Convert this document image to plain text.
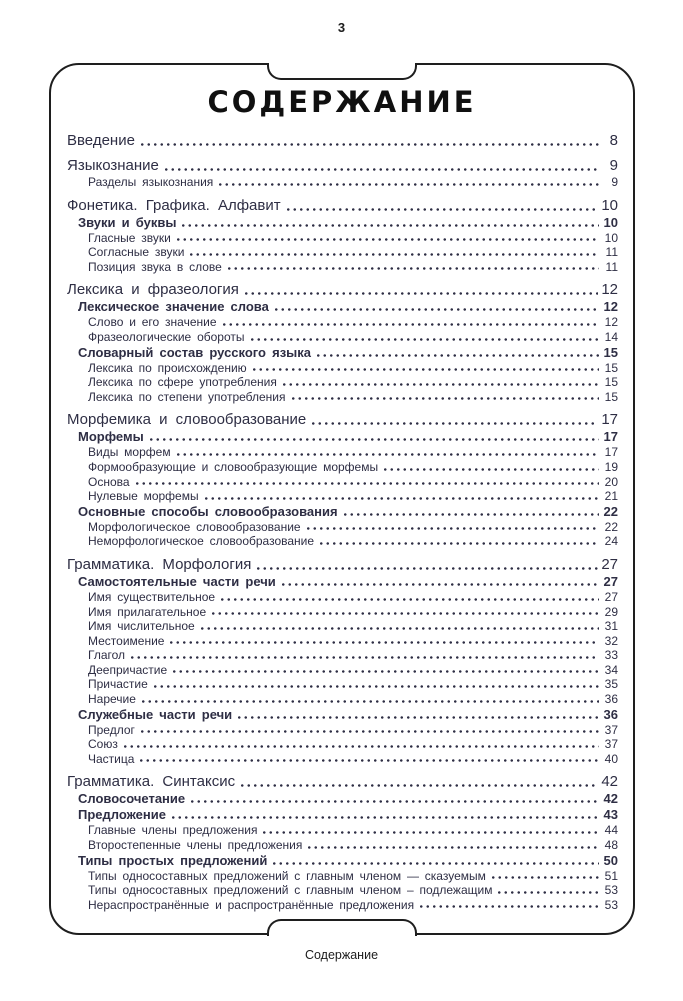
3
СОДЕРЖАНИЕ
Введение	8
Языкознание	9
Разделы языкознания	9
Фонетика. Графика. Алфавит	10
Звуки и буквы	10
Гласные звуки	10
Согласные звуки	11
Позиция звука в слове	11
Лексика и фразеология	12
Лексическое значение слова	12
Слово и его значение	12
Фразеологические обороты	14
Словарный состав русского языка	15
Лексика по происхождению	15
Лексика по сфере употребления	15
Лексика по степени употребления	15
Морфемика и словообразование	17
Морфемы	17
Виды морфем	17
Формообразующие и словообразующие морфемы	19
Основа	20
Нулевые морфемы	21
Основные способы словообразования	22
Морфологическое словообразование	22
Неморфологическое словообразование	24
Грамматика. Морфология	27
Самостоятельные части речи	27
Имя существительное	27
Имя прилагательное	29
Имя числительное	31
Местоимение	32
Глагол	33
Деепричастие	34
Причастие	35
Наречие	36
Служебные части речи	36
Предлог	37
Союз	37
Частица	40
Грамматика. Синтаксис	42
Словосочетание	42
Предложение	43
Главные члены предложения	44
Второстепенные члены предложения	48
Типы простых предложений	50
Типы односоставных предложений с главным членом — сказуемым	51
Типы односоставных предложений с главным членом – подлежащим	53
Нераспространённые и распространённые предложения	53
Содержание
